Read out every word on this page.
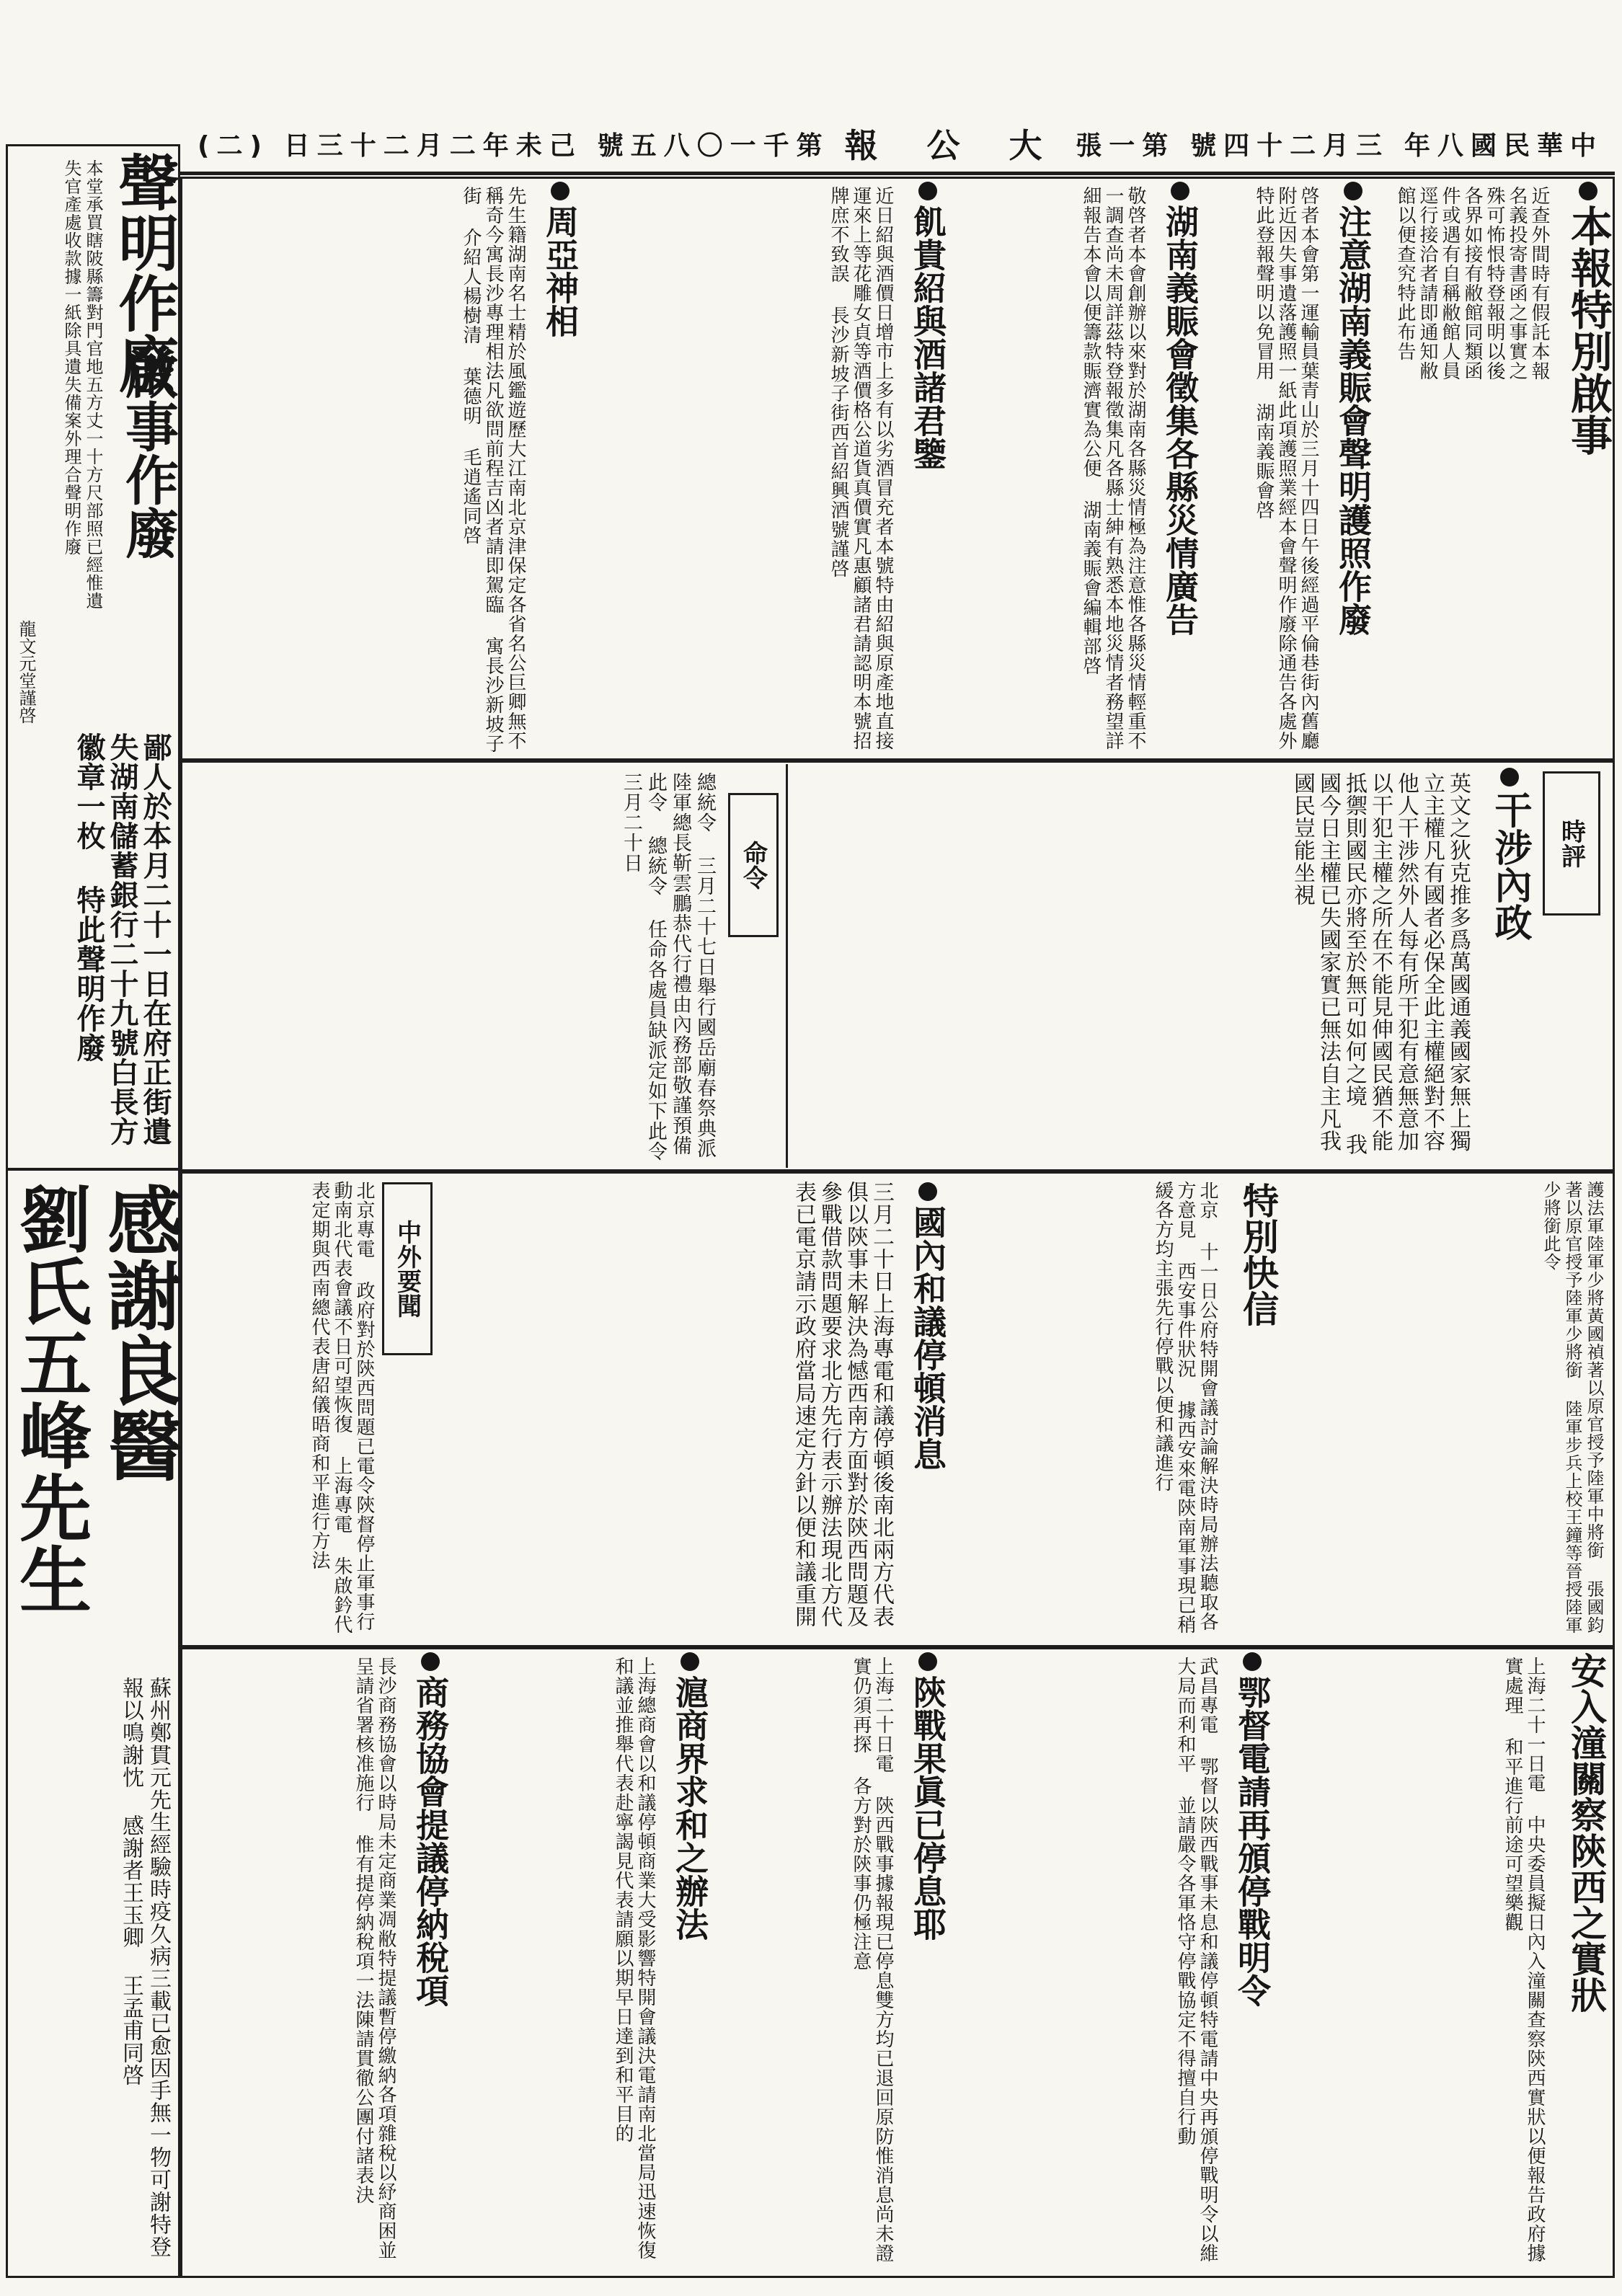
(二) 日三十二月二年未己 號五八〇一千第 報 公 大 張一第 號四十二月三 年八國民華中
聲明作廢
本堂承買瞎陂縣籌對門官地五方丈一十方尺部照已經惟遺失官產處收款據一紙除具遺失備案外理合聲明作廢
龍文元堂謹啓
啟事作廢
鄙人於本月二十一日在府正街遺失湖南儲蓄銀行二十九號白長方徽章一枚 特此聲明作廢
感謝良醫
劉氏五峰先生
蘇州鄭貫元先生經驗時疫久病三載已愈因手無一物可謝特登報以鳴謝忱 感謝者王玉卿 王孟甫同啓
本報特別啟事
近查外間時有假託本報名義投寄書函之事實之殊可怖恨特登報明以後各界如接有敝館同類函件或遇有自稱敝館人員逕行接洽者請即通知敝館以便查究特此布告
注意湖南義賑會聲明護照作廢
啓者本會第一運輸員葉青山於三月十四日午後經過平倫巷街內舊廳附近因失事遺落護照一紙此項護照業經本會聲明作廢除通告各處外特此登報聲明以免冒用 湖南義賑會啓
湖南義賑會徵集各縣災情廣告
敬啓者本會創辦以來對於湖南各縣災情極為注意惟各縣災情輕重不一調查尚未周詳茲特登報徵集凡各縣士紳有熟悉本地災情者務望詳細報告本會以便籌款賑濟實為公便 湖南義賑會編輯部啓
飢貴紹與酒諸君鑒
近日紹與酒價日增市上多有以劣酒冒充者本號特由紹與原產地直接運來上等花雕女貞等酒價格公道貨真價實凡惠顧諸君請認明本號招牌庶不致誤 長沙新坡子街西首紹興酒號謹啓
周亞神相
先生籍湖南名士精於風鑑遊歷大江南北京津保定各省名公巨卿無不稱奇今寓長沙專理相法凡欲問前程吉凶者請即駕臨 寓長沙新坡子街 介紹人楊樹清 葉德明 毛逍遙同啓
時評
干涉內政
英文之狄克推多爲萬國通義國家無上獨立主權凡有國者必保全此主權絕對不容他人干涉然外人每有所干犯有意無意加以干犯主權之所在不能見伸國民猶不能抵禦則國民亦將至於無可如何之境 我國今日主權已失國家實已無法自主凡我國民豈能坐視
命令
總統令 三月二十七日舉行國岳廟春祭典派陸軍總長靳雲鵬恭代行禮由內務部敬謹預備此令 總統令 任命各處員缺派定如下此令 三月二十日
護法軍陸軍少將黃國禎著以原官授予陸軍中將銜 張國鈞著以原官授予陸軍少將銜 陸軍步兵上校王鐘等晉授陸軍少將銜此令
特別快信
北京 十一日公府特開會議討論解決時局辦法聽取各方意見 西安事件狀況 據西安來電陝南軍事現已稍緩各方均主張先行停戰以便和議進行
國內和議停頓消息
三月二十日上海專電和議停頓後南北兩方代表俱以陝事未解決為憾西南方面對於陝西問題及參戰借款問題要求北方先行表示辦法現北方代表已電京請示政府當局速定方針以便和議重開
中外要聞
北京專電 政府對於陝西問題已電令陝督停止軍事行動南北代表會議不日可望恢復 上海專電 朱啟鈐代表定期與西南總代表唐紹儀晤商和平進行方法
安入潼關察陝西之實狀
上海二十一日電 中央委員擬日內入潼關查察陝西實狀以便報告政府據實處理 和平進行前途可望樂觀
鄂督電請再頒停戰明令
武昌專電 鄂督以陝西戰事未息和議停頓特電請中央再頒停戰明令以維大局而利和平 並請嚴令各軍恪守停戰協定不得擅自行動
陝戰果眞已停息耶
上海二十日電 陝西戰事據報現已停息雙方均已退回原防惟消息尚未證實仍須再探 各方對於陝事仍極注意
滬商界求和之辦法
上海總商會以和議停頓商業大受影響特開會議決電請南北當局迅速恢復和議並推舉代表赴寧謁見代表請願以期早日達到和平目的
商務協會提議停納稅項
長沙商務協會以時局未定商業凋敝特提議暫停繳納各項雜稅以紓商困並呈請省署核准施行 惟有提停納稅項一法陳請貫徹公團付諸表決
